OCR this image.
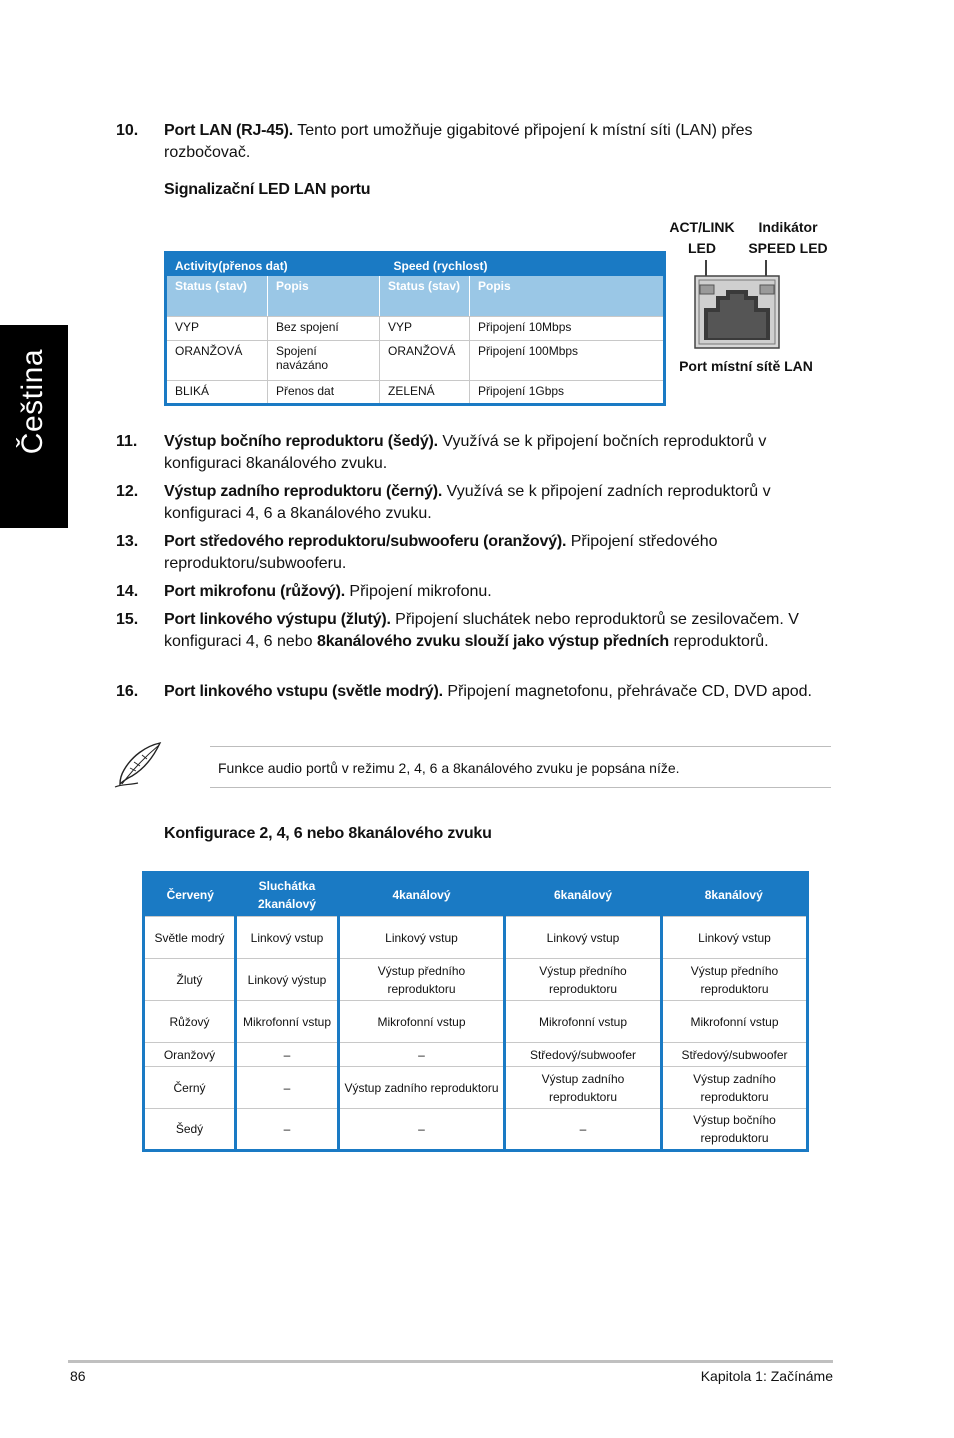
Čeština
10. Port LAN (RJ-45). Tento port umožňuje gigabitové připojení k místní síti (LAN) přes rozbočovač.
Signalizační LED LAN portu
Activity(přenos dat)		Speed (rychlost)	
Status (stav)	Popis	Status (stav)	Popis
VYP	Bez spojení	VYP	Připojení 10Mbps
ORANŽOVÁ	Spojení navázáno	ORANŽOVÁ	Připojení 100Mbps
BLIKÁ	Přenos dat	ZELENÁ	Připojení 1Gbps
ACT/LINK LED
Indikátor SPEED LED
Port místní sítě LAN
11. Výstup bočního reproduktoru (šedý). Využívá se k připojení bočních reproduktorů v konfiguraci 8kanálového zvuku.
12. Výstup zadního reproduktoru (černý). Využívá se k připojení zadních reproduktorů v konfiguraci 4, 6 a 8kanálového zvuku.
13. Port středového reproduktoru/subwooferu (oranžový). Připojení středového reproduktoru/subwooferu.
14. Port mikrofonu (růžový). Připojení mikrofonu.
15. Port linkového výstupu (žlutý). Připojení sluchátek nebo reproduktorů se zesilovačem. V konfiguraci 4, 6 nebo 8kanálového zvuku slouží jako výstup předních reproduktorů.
16. Port linkového vstupu (světle modrý). Připojení magnetofonu, přehrávače CD, DVD apod.
Funkce audio portů v režimu 2, 4, 6 a 8kanálového zvuku je popsána níže.
Konfigurace 2, 4, 6 nebo 8kanálového zvuku
Červený	Sluchátka 2kanálový	4kanálový	6kanálový	8kanálový
Světle modrý	Linkový vstup	Linkový vstup	Linkový vstup	Linkový vstup
Žlutý	Linkový výstup	Výstup předního reproduktoru	Výstup předního reproduktoru	Výstup předního reproduktoru
Růžový	Mikrofonní vstup	Mikrofonní vstup	Mikrofonní vstup	Mikrofonní vstup
Oranžový	–	–	Středový/subwoofer	Středový/subwoofer
Černý	–	Výstup zadního reproduktoru	Výstup zadního reproduktoru	Výstup zadního reproduktoru
Šedý	–	–	–	Výstup bočního reproduktoru
86	Kapitola 1: Začínáme
